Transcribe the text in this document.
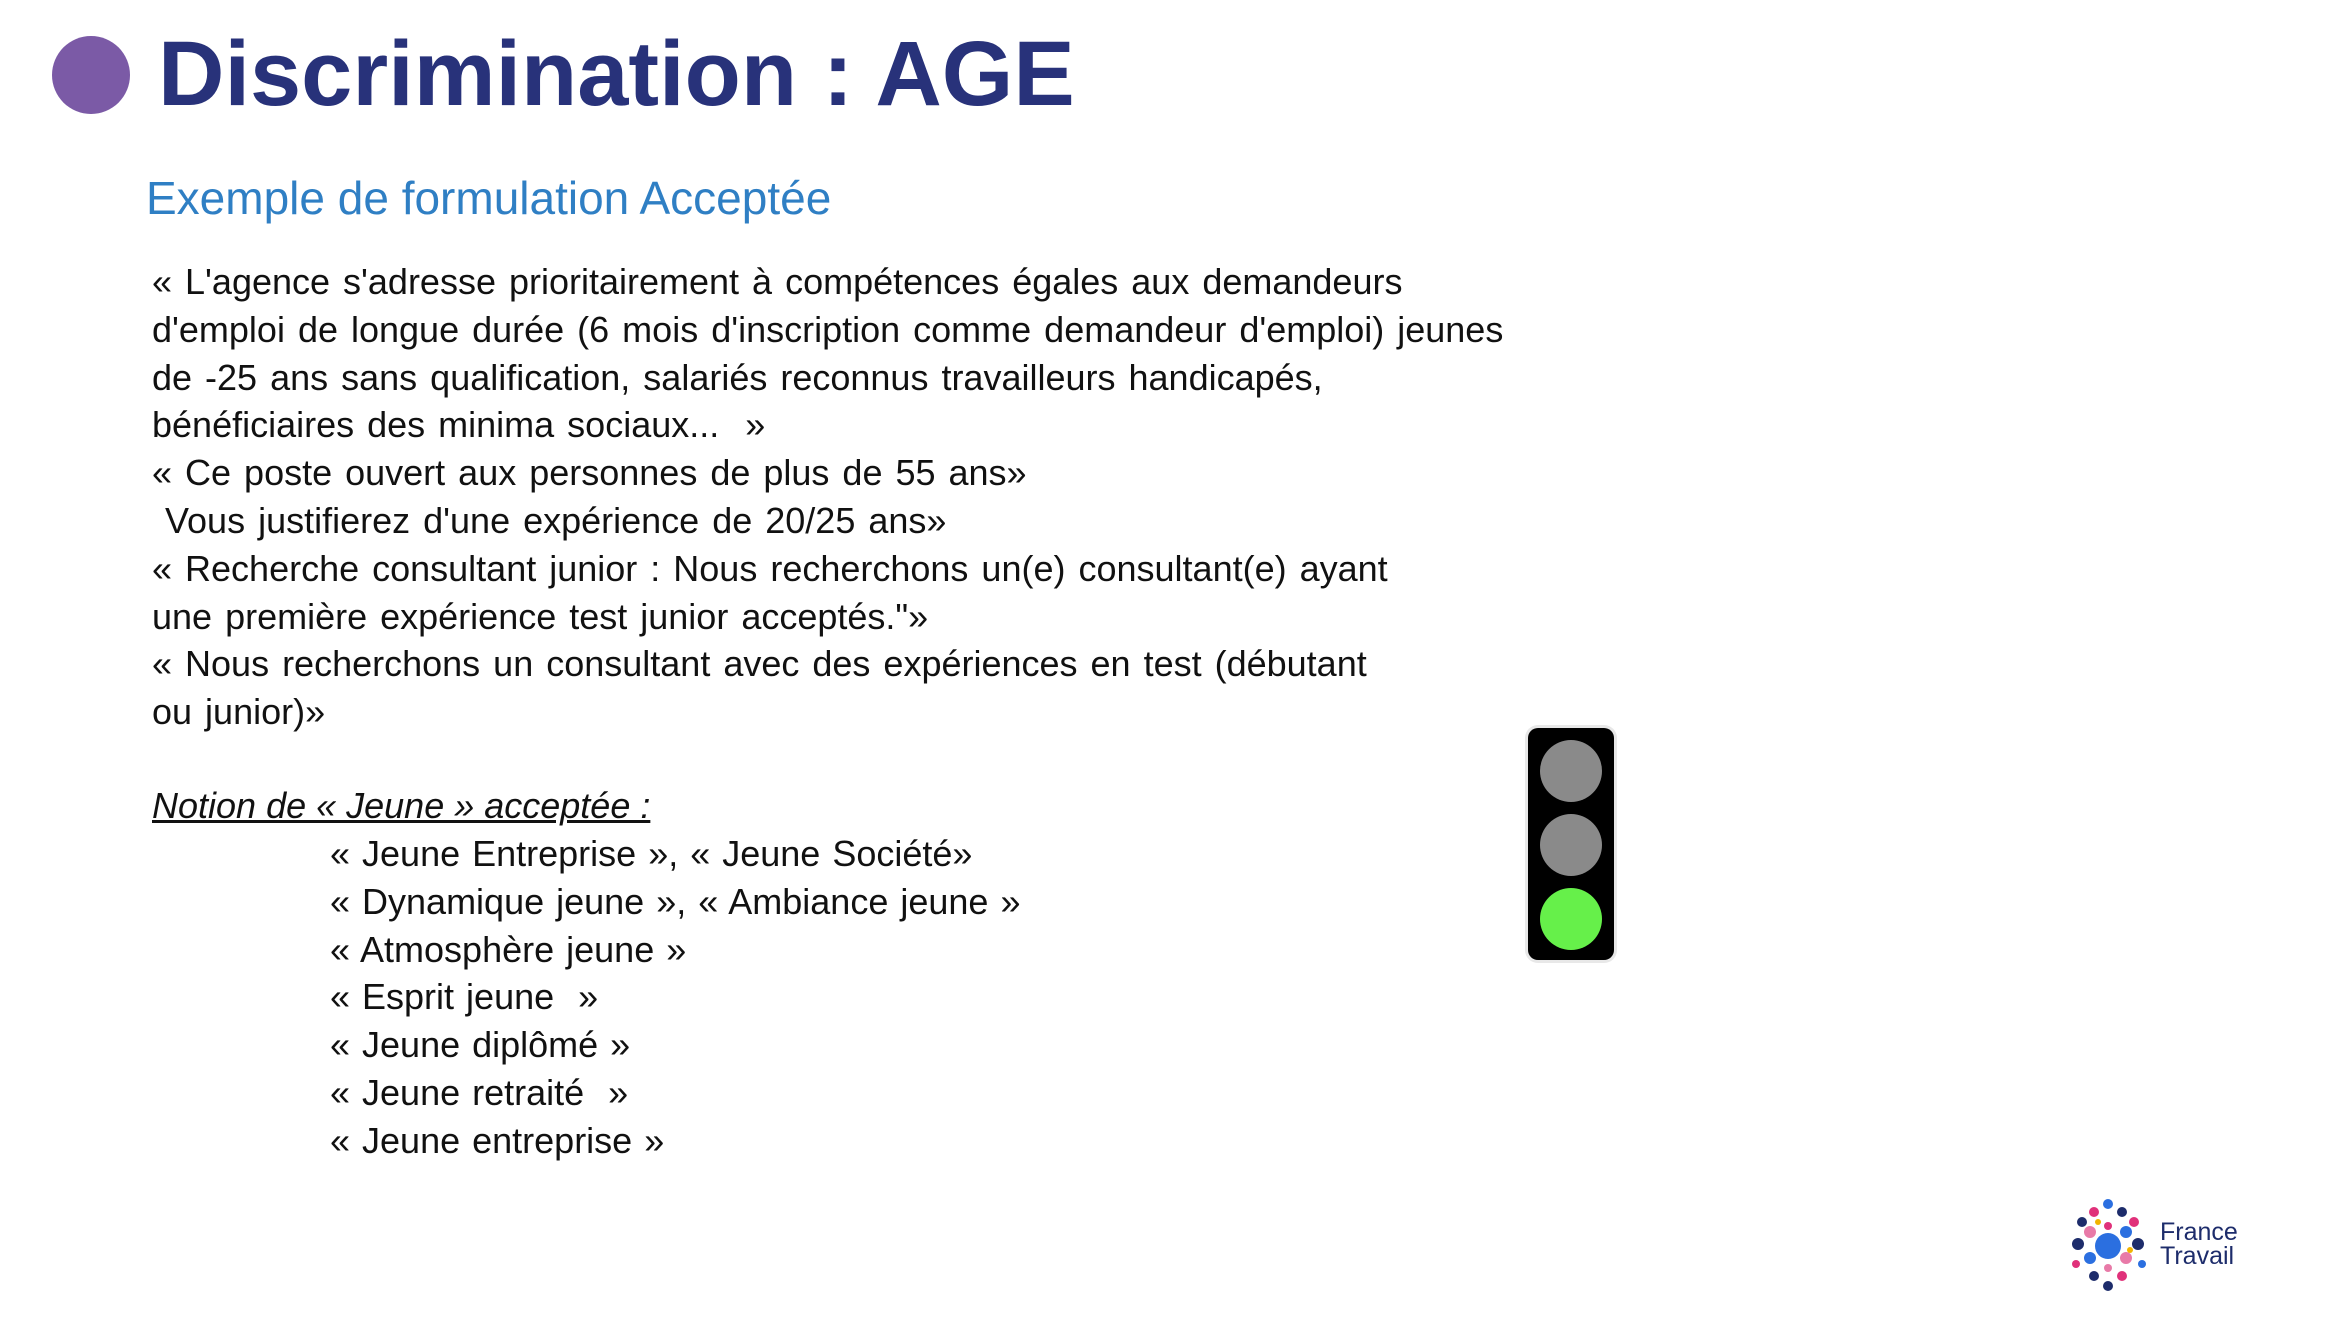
Discrimination : AGE
Exemple de formulation Acceptée
« L'agence s'adresse prioritairement à compétences égales aux demandeurs
d'emploi de longue durée (6 mois d'inscription comme demandeur d'emploi) jeunes
de -25 ans sans qualification, salariés reconnus travailleurs handicapés,
bénéficiaires des minima sociaux...  »
« Ce poste ouvert aux personnes de plus de 55 ans»
Vous justifierez d'une expérience de 20/25 ans»
« Recherche consultant junior : Nous recherchons un(e) consultant(e) ayant
une première expérience test junior acceptés."»
« Nous recherchons un consultant avec des expériences en test (débutant
ou junior)»
Notion de « Jeune » acceptée :
« Jeune Entreprise », « Jeune Société»
« Dynamique jeune », « Ambiance jeune »
« Atmosphère jeune »
« Esprit jeune  »
« Jeune diplômé »
« Jeune retraité  »
« Jeune entreprise »
France
Travail
